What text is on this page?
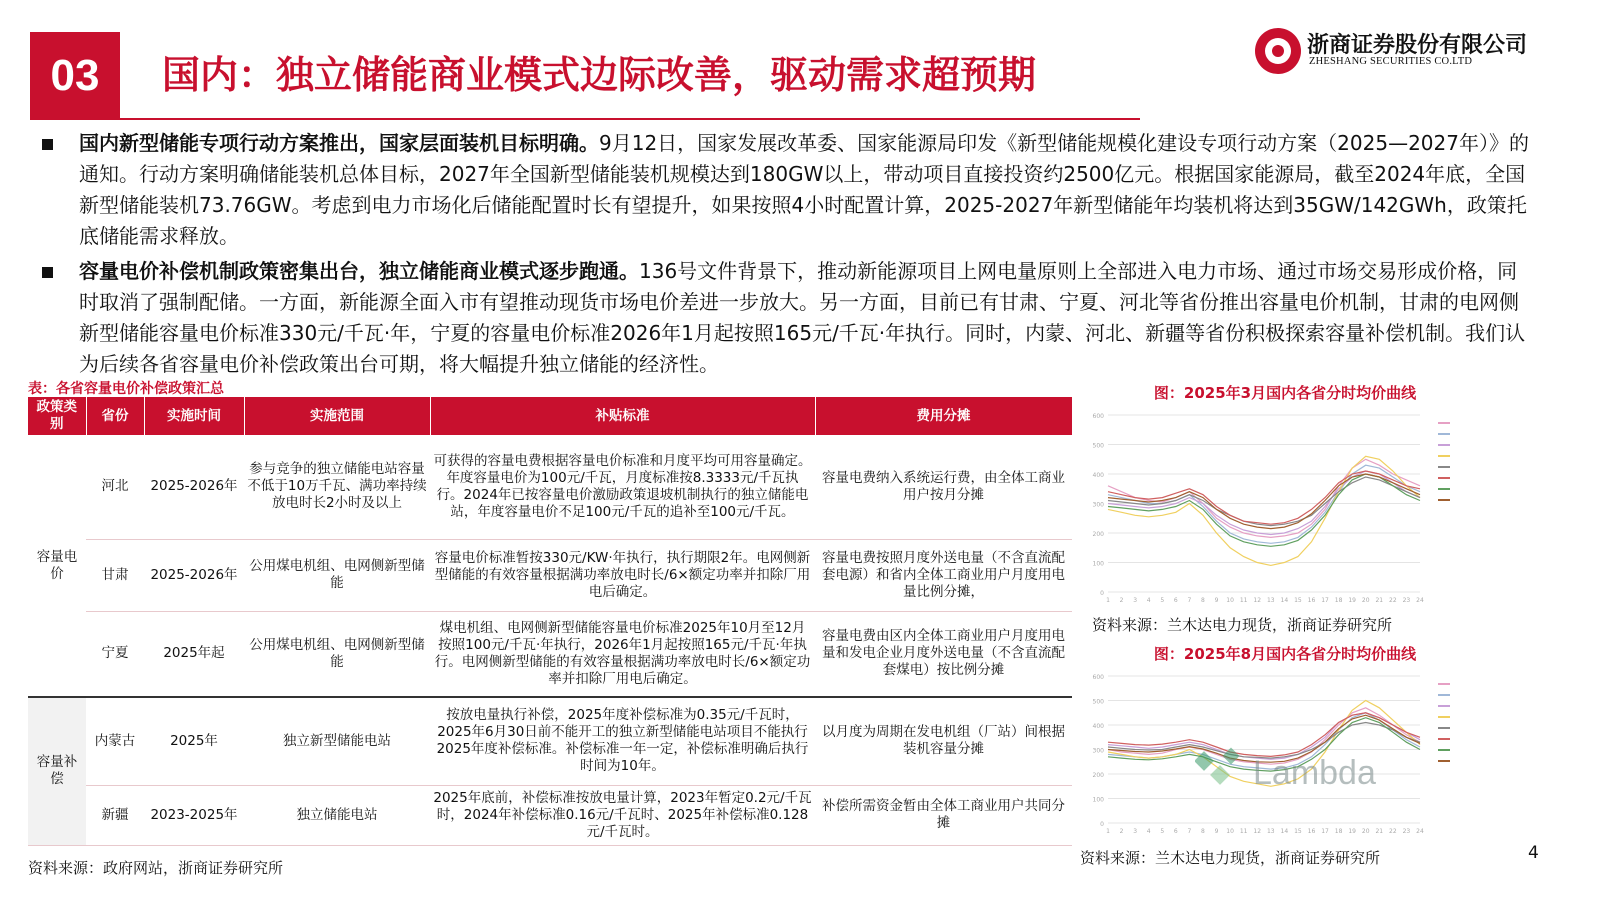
03	国内：独立储能商业模式边际改善，驱动需求超预期
浙商证券股份有限公司
ZHESHANG SECURITIES CO.LTD
国内新型储能专项行动方案推出，国家层面装机目标明确。9月12日，国家发展改革委、国家能源局印发《新型储能规模化建设专项行动方案（2025—2027年）》的通知。行动方案明确储能装机总体目标，2027年全国新型储能装机规模达到180GW以上，带动项目直接投资约2500亿元。根据国家能源局，截至2024年底，全国新型储能装机73.76GW。考虑到电力市场化后储能配置时长有望提升，如果按照4小时配置计算，2025-2027年新型储能年均装机将达到35GW/142GWh，政策托底储能需求释放。
容量电价补偿机制政策密集出台，独立储能商业模式逐步跑通。136号文件背景下，推动新能源项目上网电量原则上全部进入电力市场、通过市场交易形成价格，同时取消了强制配储。一方面，新能源全面入市有望推动现货市场电价差进一步放大。另一方面，目前已有甘肃、宁夏、河北等省份推出容量电价机制，甘肃的电网侧新型储能容量电价标准330元/千瓦·年，宁夏的容量电价标准2026年1月起按照165元/千瓦·年执行。同时，内蒙、河北、新疆等省份积极探索容量补偿机制。我们认为后续各省容量电价补偿政策出台可期，将大幅提升独立储能的经济性。
表：各省容量电价补偿政策汇总
政策类别	省份	实施时间	实施范围	补贴标准	费用分摊
容量电价	河北	2025-2026年	参与竞争的独立储能电站容量不低于10万千瓦、满功率持续放电时长2小时及以上	可获得的容量电费根据容量电价标准和月度平均可用容量确定。年度容量电价为100元/千瓦，月度标准按8.3333元/千瓦执行。2024年已按容量电价激励政策退坡机制执行的独立储能电站，年度容量电价不足100元/千瓦的追补至100元/千瓦。	容量电费纳入系统运行费，由全体工商业用户按月分摊
	甘肃	2025-2026年	公用煤电机组、电网侧新型储能	容量电价标准暂按330元/KW·年执行，执行期限2年。电网侧新型储能的有效容量根据满功率放电时长/6×额定功率并扣除厂用电后确定。	容量电费按照月度外送电量（不含直流配套电源）和省内全体工商业用户月度用电量比例分摊，
	宁夏	2025年起	公用煤电机组、电网侧新型储能	煤电机组、电网侧新型储能容量电价标准2025年10月至12月按照100元/千瓦·年执行，2026年1月起按照165元/千瓦·年执行。电网侧新型储能的有效容量根据满功率放电时长/6×额定功率并扣除厂用电后确定。	容量电费由区内全体工商业用户月度用电量和发电企业月度外送电量（不含直流配套煤电）按比例分摊
容量补偿	内蒙古	2025年	独立新型储能电站	按放电量执行补偿，2025年度补偿标准为0.35元/千瓦时，2025年6月30日前不能开工的独立新型储能电站项目不能执行2025年度补偿标准。补偿标准一年一定，补偿标准明确后执行时间为10年。	以月度为周期在发电机组（厂站）间根据装机容量分摊
	新疆	2023-2025年	独立储能电站	2025年底前，补偿标准按放电量计算，2023年暂定0.2元/千瓦时，2024年补偿标准0.16元/千瓦时、2025年补偿标准0.128元/千瓦时。	补偿所需资金暂由全体工商业用户共同分摊
资料来源：政府网站，浙商证券研究所
图：2025年3月国内各省分时均价曲线
0
100
200
300
400
500
600
1 2 3 4 5 6 7 8 9 10 11 12 13 14 15 16 17 18 19 20 21 22 23 24
资料来源：兰木达电力现货，浙商证券研究所
图：2025年8月国内各省分时均价曲线
0
100
200
300
400
500
600
1 2 3 4 5 6 7 8 9 10 11 12 13 14 15 16 17 18 19 20 21 22 23 24
资料来源：兰木达电力现货，浙商证券研究所
Lambda
4
